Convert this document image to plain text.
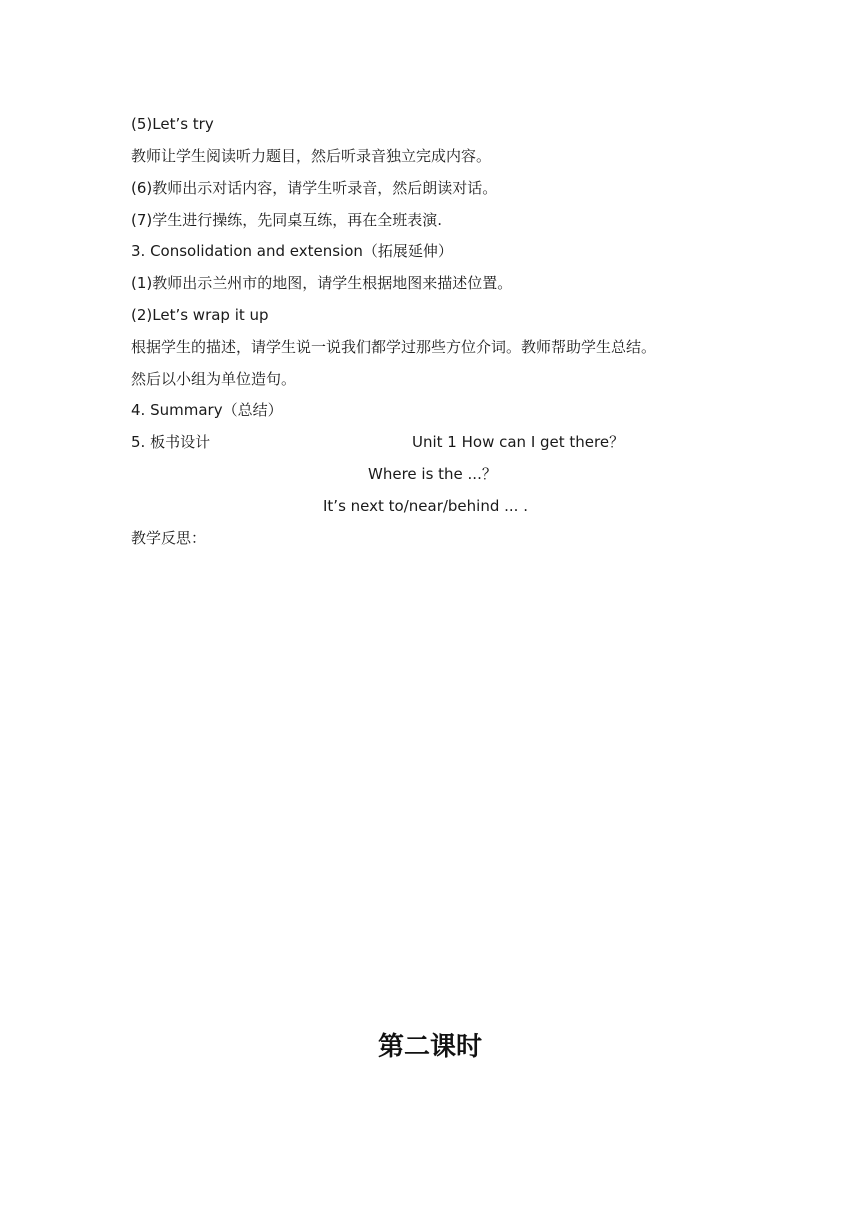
(5)Let’s try
教师让学生阅读听力题目，然后听录音独立完成内容。
(6)教师出示对话内容，请学生听录音，然后朗读对话。
(7)学生进行操练，先同桌互练，再在全班表演.
3. Consolidation and extension（拓展延伸）
(1)教师出示兰州市的地图，请学生根据地图来描述位置。
(2)Let’s wrap it up
根据学生的描述，请学生说一说我们都学过那些方位介词。教师帮助学生总结。
然后以小组为单位造句。
4. Summary（总结）
5. 板书设计	Unit 1 How can I get there？
Where is the ...？
It’s next to/near/behind ... .
教学反思：
第二课时
